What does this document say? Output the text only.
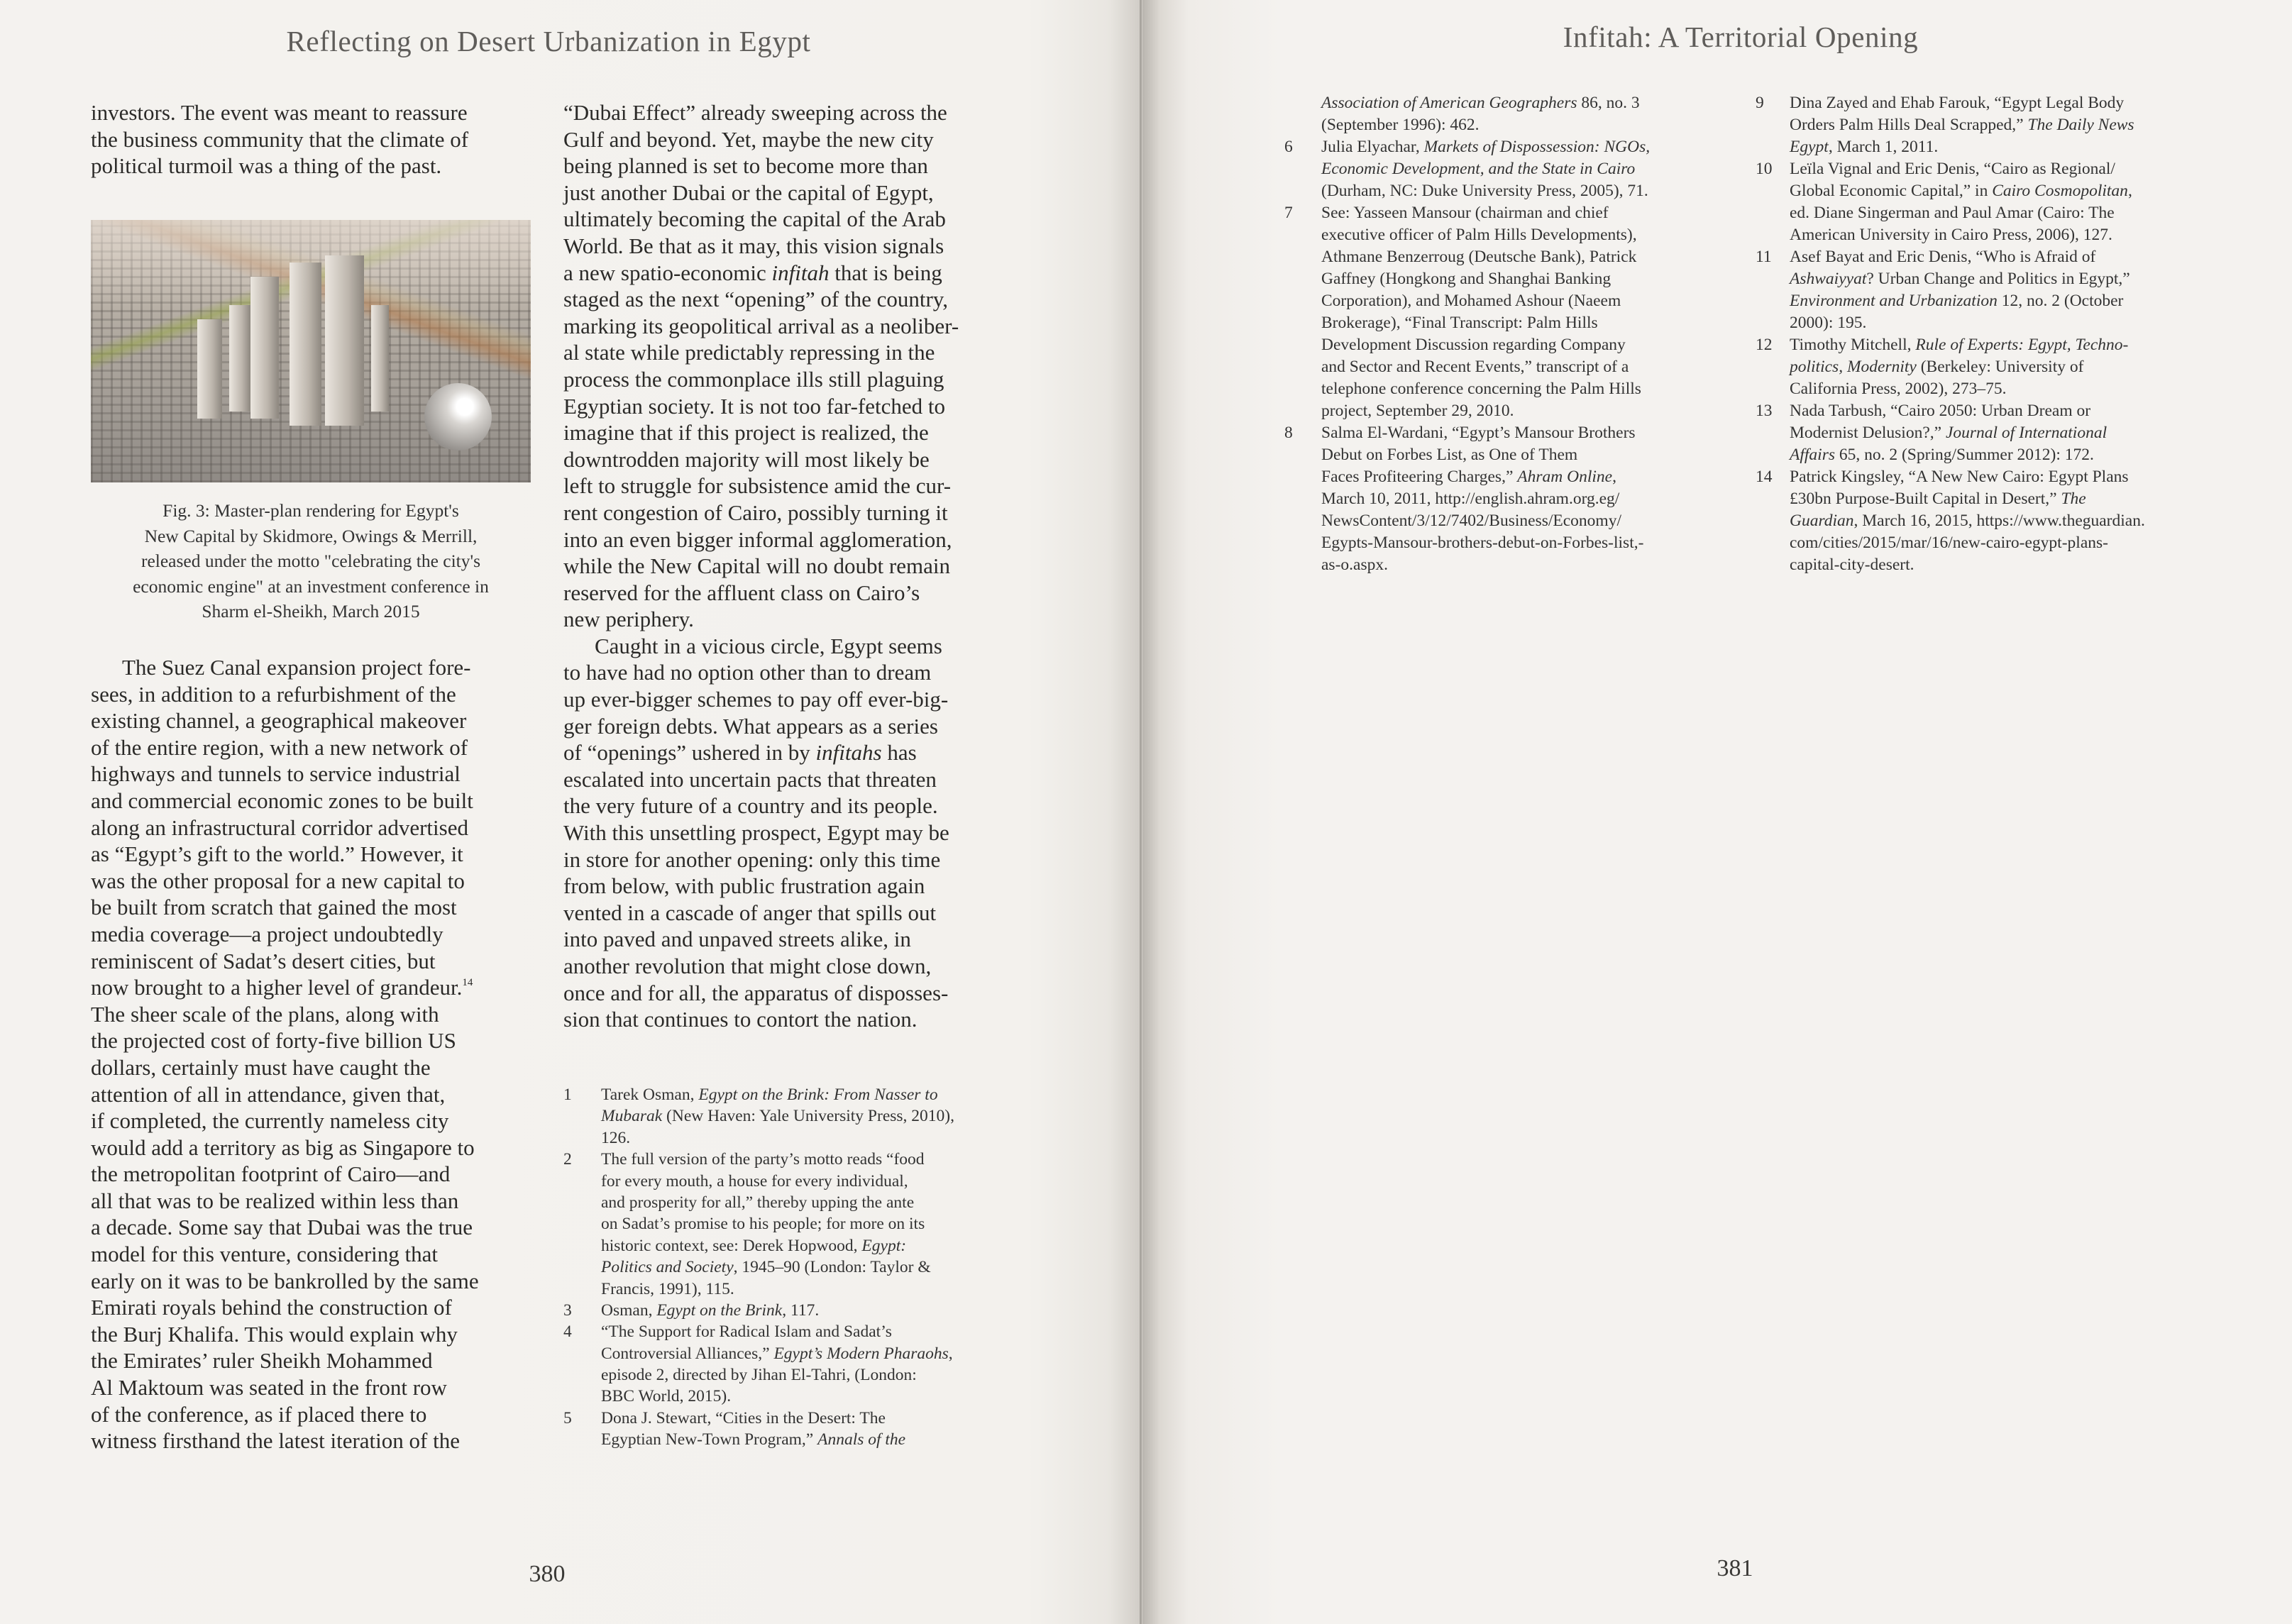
Reflecting on Desert Urbanization in Egypt
investors. The event was meant to reassure
the business community that the climate of
political turmoil was a thing of the past.
Fig. 3: Master-plan rendering for Egypt's
New Capital by Skidmore, Owings & Merrill,
released under the motto "celebrating the city's
economic engine" at an investment conference in
Sharm el-Sheikh, March 2015
The Suez Canal expansion project fore-
sees, in addition to a refurbishment of the
existing channel, a geographical makeover
of the entire region, with a new network of
highways and tunnels to service industrial
and commercial economic zones to be built
along an infrastructural corridor advertised
as “Egypt’s gift to the world.” However, it
was the other proposal for a new capital to
be built from scratch that gained the most
media coverage—a project undoubtedly
reminiscent of Sadat’s desert cities, but
now brought to a higher level of grandeur.$^{14}$
The sheer scale of the plans, along with
the projected cost of forty-five billion US
dollars, certainly must have caught the
attention of all in attendance, given that,
if completed, the currently nameless city
would add a territory as big as Singapore to
the metropolitan footprint of Cairo—and
all that was to be realized within less than
a decade. Some say that Dubai was the true
model for this venture, considering that
early on it was to be bankrolled by the same
Emirati royals behind the construction of
the Burj Khalifa. This would explain why
the Emirates’ ruler Sheikh Mohammed
Al Maktoum was seated in the front row
of the conference, as if placed there to
witness firsthand the latest iteration of the
“Dubai Effect” already sweeping across the
Gulf and beyond. Yet, maybe the new city
being planned is set to become more than
just another Dubai or the capital of Egypt,
ultimately becoming the capital of the Arab
World. Be that as it may, this vision signals
a new spatio-economic infitah that is being
staged as the next “opening” of the country,
marking its geopolitical arrival as a neoliber-
al state while predictably repressing in the
process the commonplace ills still plaguing
Egyptian society. It is not too far-fetched to
imagine that if this project is realized, the
downtrodden majority will most likely be
left to struggle for subsistence amid the cur-
rent congestion of Cairo, possibly turning it
into an even bigger informal agglomeration,
while the New Capital will no doubt remain
reserved for the affluent class on Cairo’s
new periphery.
Caught in a vicious circle, Egypt seems
to have had no option other than to dream
up ever-bigger schemes to pay off ever-big-
ger foreign debts. What appears as a series
of “openings” ushered in by infitahs has
escalated into uncertain pacts that threaten
the very future of a country and its people.
With this unsettling prospect, Egypt may be
in store for another opening: only this time
from below, with public frustration again
vented in a cascade of anger that spills out
into paved and unpaved streets alike, in
another revolution that might close down,
once and for all, the apparatus of disposses-
sion that continues to contort the nation.
1 Tarek Osman, Egypt on the Brink: From Nasser to
Mubarak (New Haven: Yale University Press, 2010),
126.
2 The full version of the party’s motto reads “food
for every mouth, a house for every individual,
and prosperity for all,” thereby upping the ante
on Sadat’s promise to his people; for more on its
historic context, see: Derek Hopwood, Egypt:
Politics and Society, 1945–90 (London: Taylor &
Francis, 1991), 115.
3 Osman, Egypt on the Brink, 117.
4 “The Support for Radical Islam and Sadat’s
Controversial Alliances,” Egypt’s Modern Pharaohs,
episode 2, directed by Jihan El-Tahri, (London:
BBC World, 2015).
5 Dona J. Stewart, “Cities in the Desert: The
Egyptian New-Town Program,” Annals of the
380
Infitah: A Territorial Opening
Association of American Geographers 86, no. 3
(September 1996): 462.
6 Julia Elyachar, Markets of Dispossession: NGOs,
Economic Development, and the State in Cairo
(Durham, NC: Duke University Press, 2005), 71.
7 See: Yasseen Mansour (chairman and chief
executive officer of Palm Hills Developments),
Athmane Benzerroug (Deutsche Bank), Patrick
Gaffney (Hongkong and Shanghai Banking
Corporation), and Mohamed Ashour (Naeem
Brokerage), “Final Transcript: Palm Hills
Development Discussion regarding Company
and Sector and Recent Events,” transcript of a
telephone conference concerning the Palm Hills
project, September 29, 2010.
8 Salma El-Wardani, “Egypt’s Mansour Brothers
Debut on Forbes List, as One of Them
Faces Profiteering Charges,” Ahram Online,
March 10, 2011, http://english.ahram.org.eg/
NewsContent/3/12/7402/Business/Economy/
Egypts-Mansour-brothers-debut-on-Forbes-list,-
as-o.aspx.
9 Dina Zayed and Ehab Farouk, “Egypt Legal Body
Orders Palm Hills Deal Scrapped,” The Daily News
Egypt, March 1, 2011.
10 Leïla Vignal and Eric Denis, “Cairo as Regional/
Global Economic Capital,” in Cairo Cosmopolitan,
ed. Diane Singerman and Paul Amar (Cairo: The
American University in Cairo Press, 2006), 127.
11 Asef Bayat and Eric Denis, “Who is Afraid of
Ashwaiyyat? Urban Change and Politics in Egypt,”
Environment and Urbanization 12, no. 2 (October
2000): 195.
12 Timothy Mitchell, Rule of Experts: Egypt, Techno-
politics, Modernity (Berkeley: University of
California Press, 2002), 273–75.
13 Nada Tarbush, “Cairo 2050: Urban Dream or
Modernist Delusion?,” Journal of International
Affairs 65, no. 2 (Spring/Summer 2012): 172.
14 Patrick Kingsley, “A New New Cairo: Egypt Plans
£30bn Purpose-Built Capital in Desert,” The
Guardian, March 16, 2015, https://www.theguardian.
com/cities/2015/mar/16/new-cairo-egypt-plans-
capital-city-desert.
381
